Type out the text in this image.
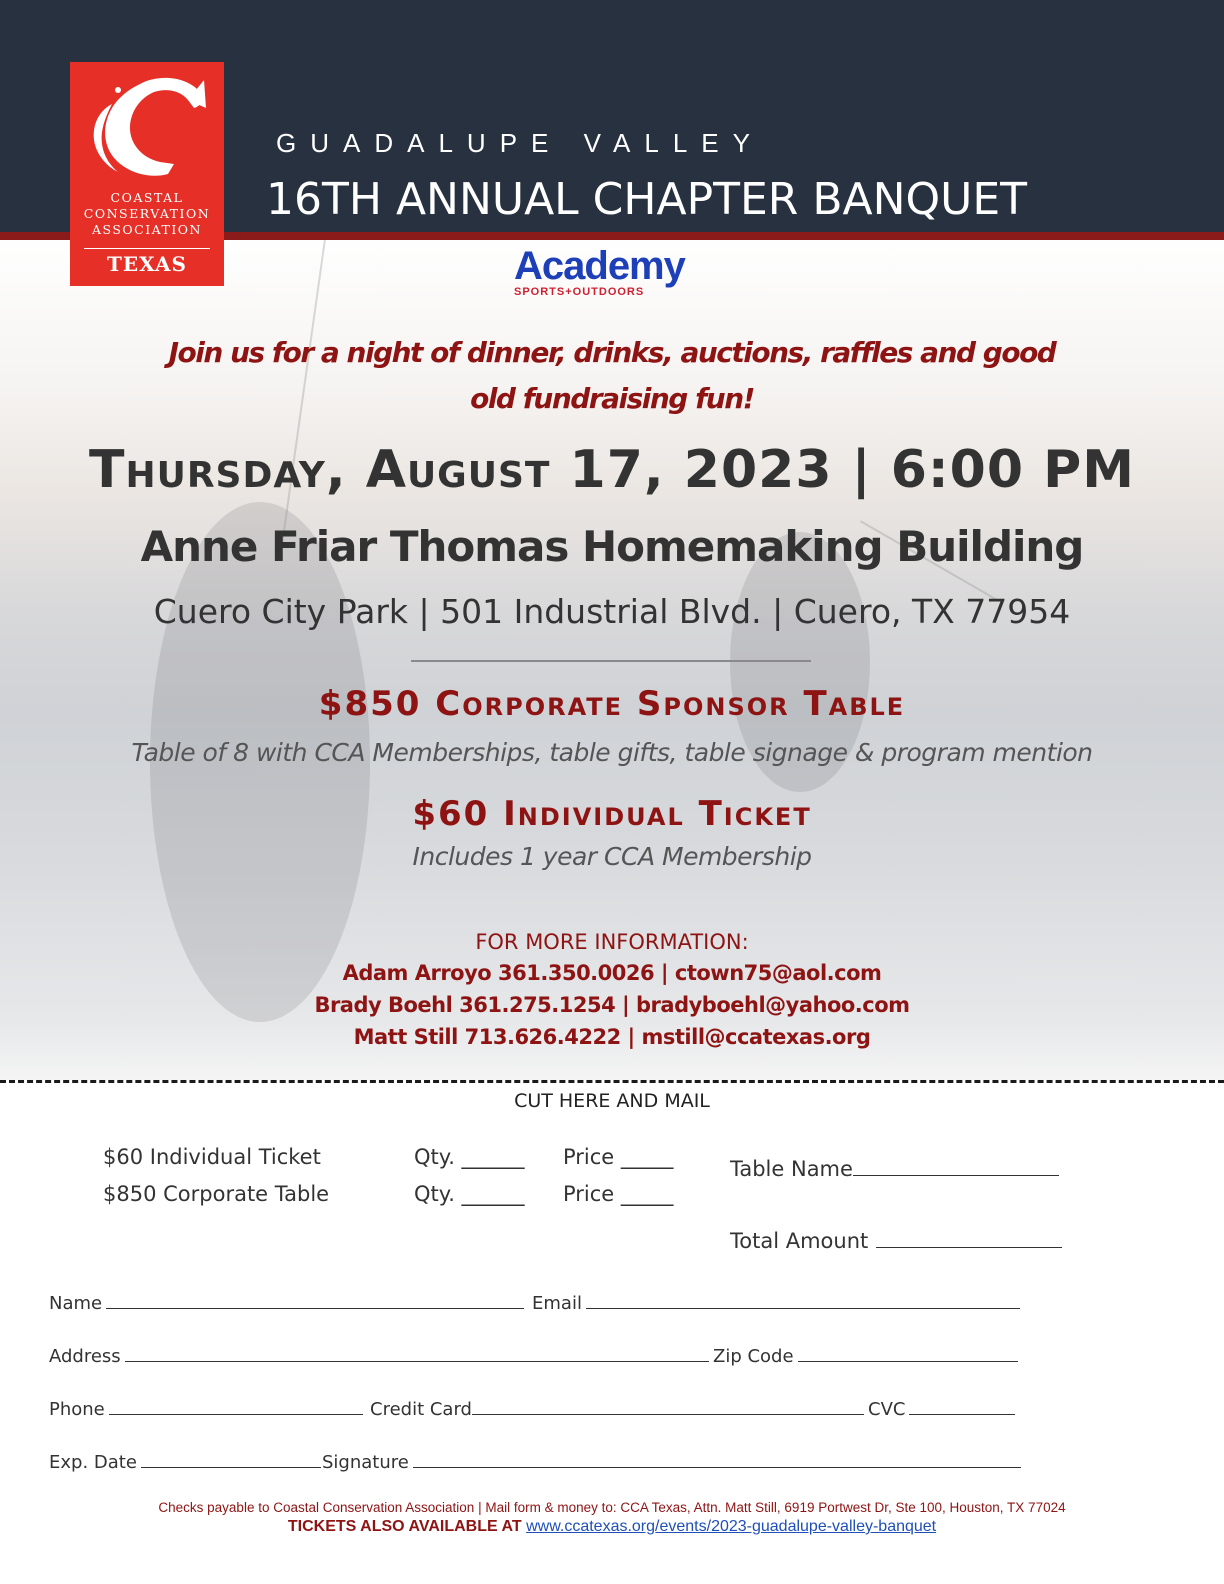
COASTAL
CONSERVATION
ASSOCIATION
TEXAS
GUADALUPE VALLEY
16TH ANNUAL CHAPTER BANQUET
Academy
SPORTS+OUTDOORS
Join us for a night of dinner, drinks, auctions, raffles and good
old fundraising fun!
Thursday, August 17, 2023 | 6:00 PM
Anne Friar Thomas Homemaking Building
Cuero City Park | 501 Industrial Blvd. | Cuero, TX 77954
$850 Corporate Sponsor Table
Table of 8 with CCA Memberships, table gifts, table signage & program mention
$60 Individual Ticket
Includes 1 year CCA Membership
FOR MORE INFORMATION:
Adam Arroyo 361.350.0026 | ctown75@aol.com
Brady Boehl 361.275.1254 | bradyboehl@yahoo.com
Matt Still 713.626.4222 | mstill@ccatexas.org
CUT HERE AND MAIL
$60 Individual Ticket	Qty. ______ Price _____
$850 Corporate Table	Qty. ______ Price _____
Table Name
Total Amount
Name	Email
Address	Zip Code
Phone	Credit Card	CVC
Exp. Date	Signature
Checks payable to Coastal Conservation Association | Mail form & money to: CCA Texas, Attn. Matt Still, 6919 Portwest Dr, Ste 100, Houston, TX 77024
TICKETS ALSO AVAILABLE AT www.ccatexas.org/events/2023-guadalupe-valley-banquet
